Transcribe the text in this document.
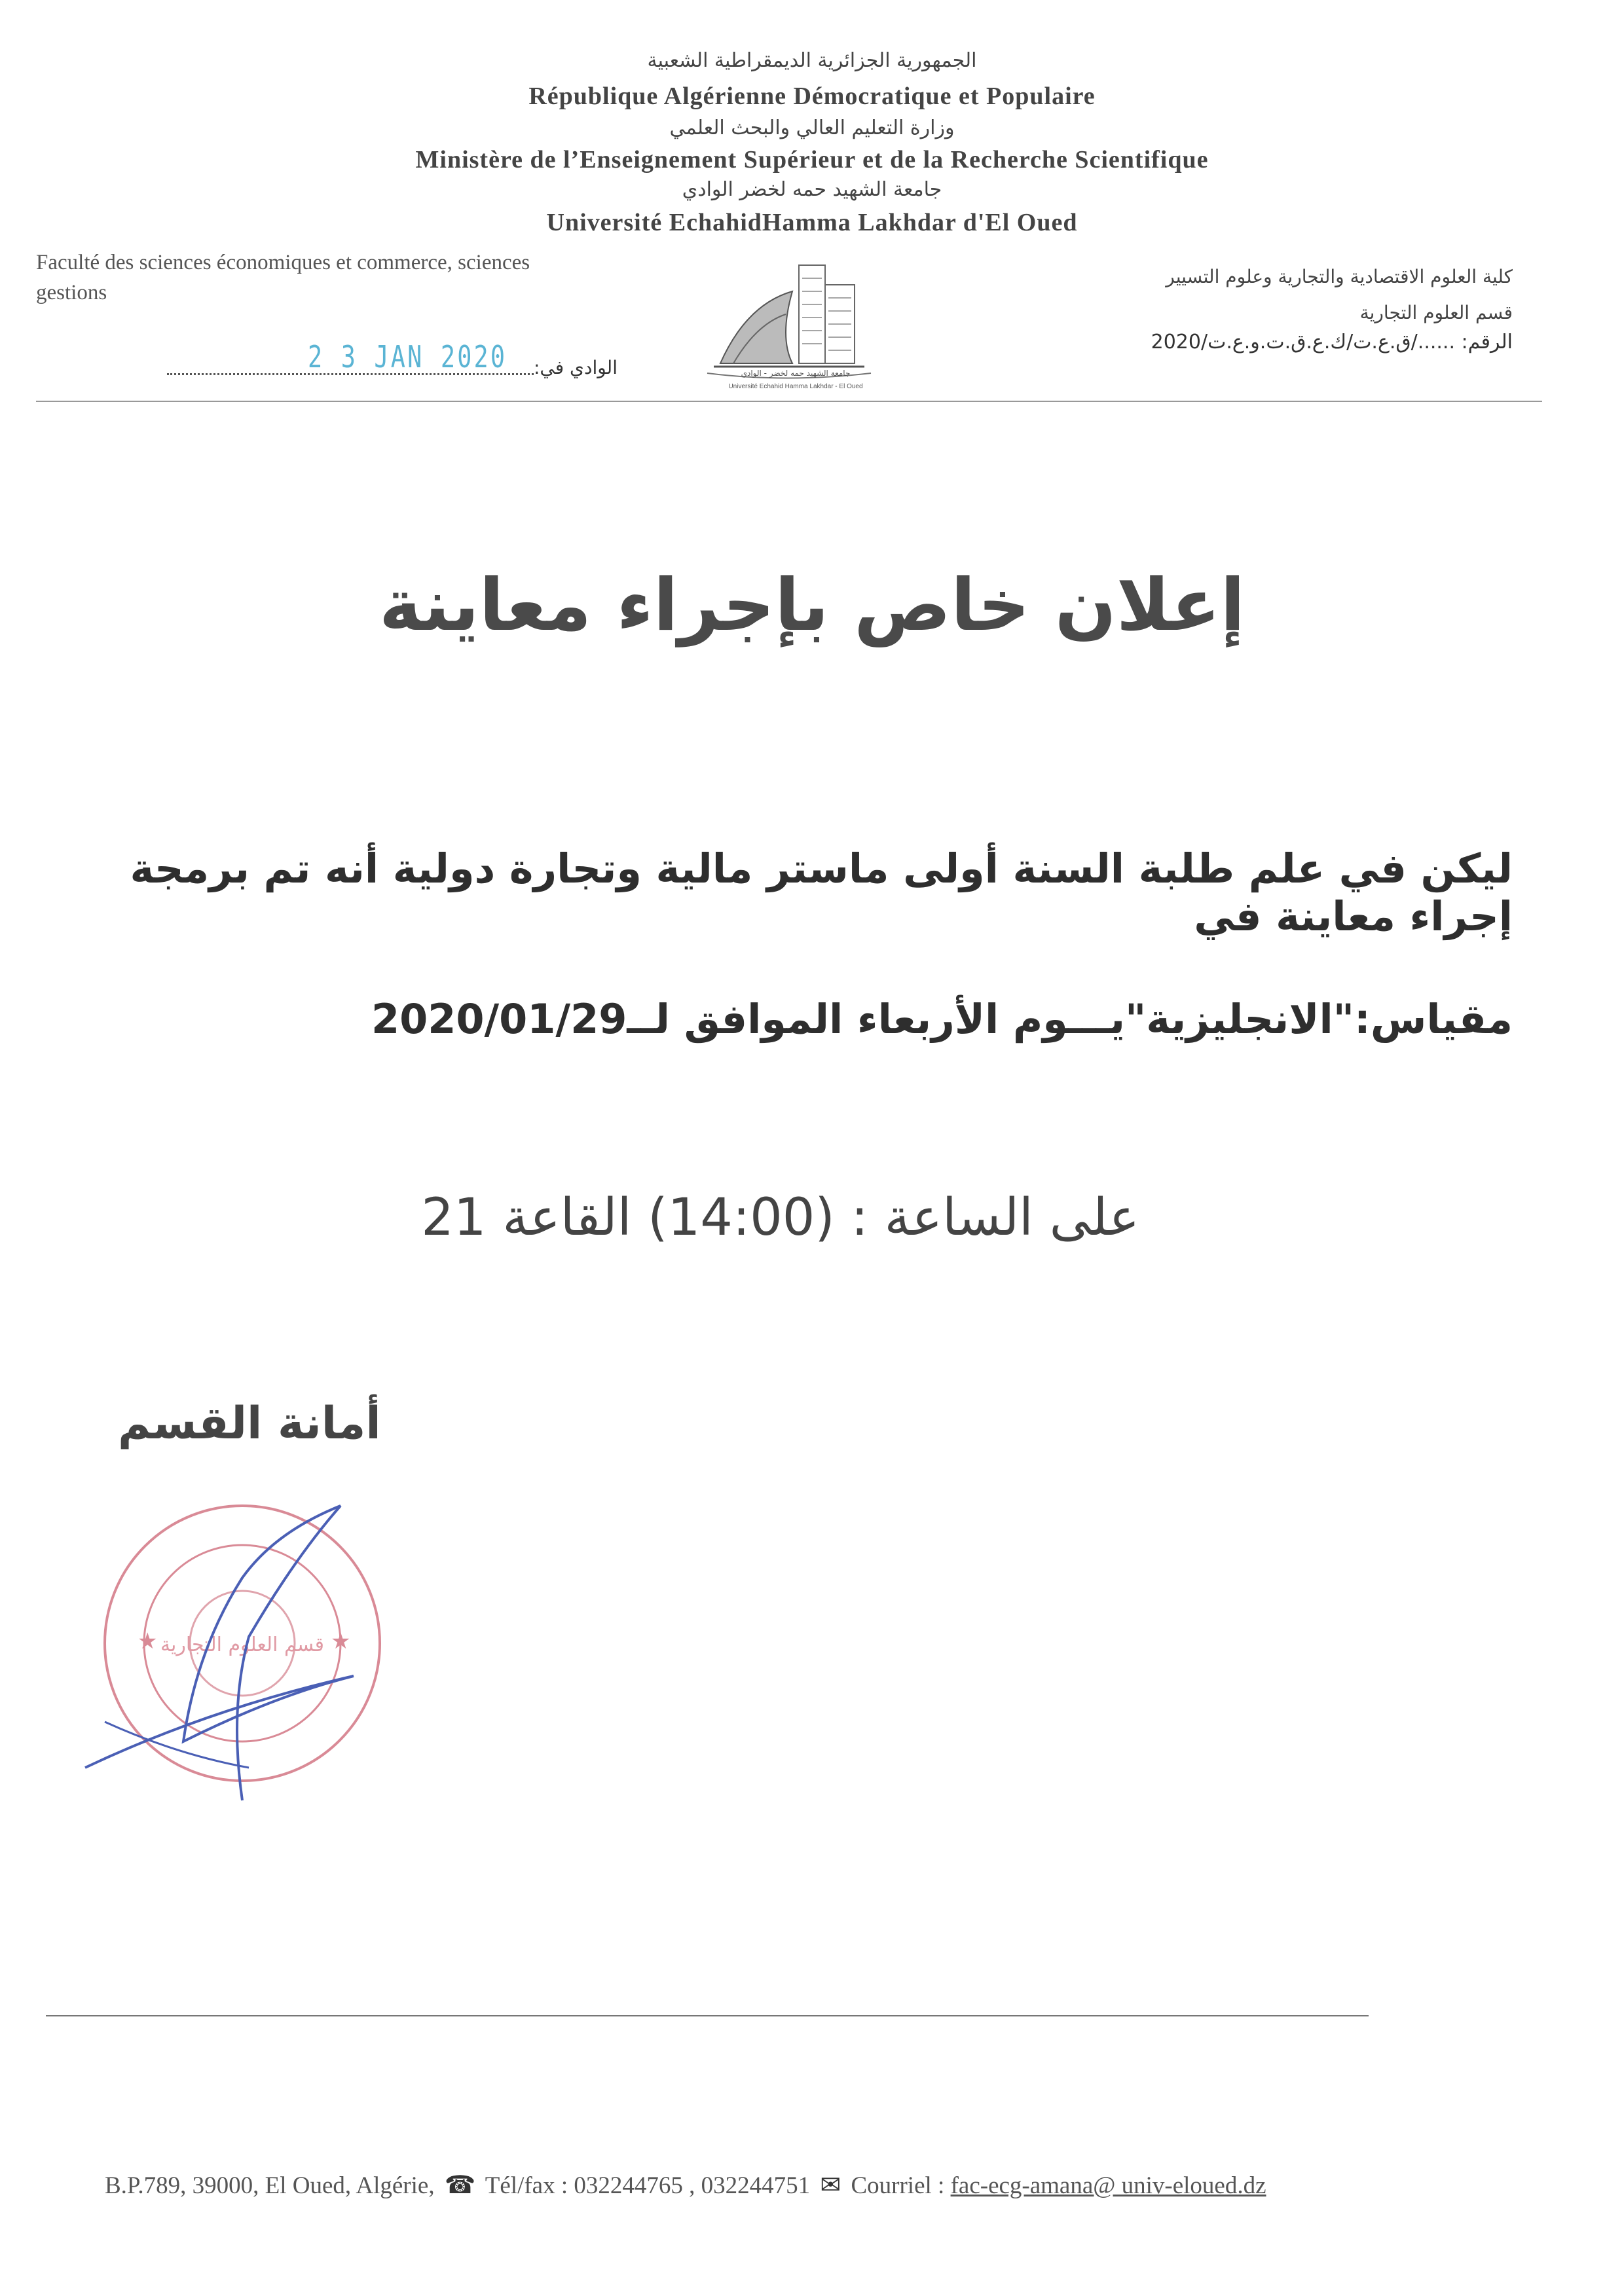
الجمهورية الجزائرية الديمقراطية الشعبية
République Algérienne Démocratique et Populaire
وزارة التعليم العالي والبحث العلمي
Ministère de l’Enseignement Supérieur et de la Recherche Scientifique
جامعة الشهيد حمه لخضر الوادي
Université EchahidHamma Lakhdar d'El Oued
Faculté des sciences économiques et commerce, sciences
gestions
كلية العلوم الاقتصادية والتجارية وعلوم التسيير
قسم العلوم التجارية
الرقم: ....../ق.ع.ت/ك.ع.ق.ت.و.ع.ت/2020
جامعة الشهيد حمه لخضر - الوادي
Université Echahid Hamma Lakhdar - El Oued
2 3 JAN 2020 الوادي في:
إعلان خاص بإجراء معاينة
ليكن في علم طلبة السنة أولى ماستر مالية وتجارة دولية أنه تم برمجة إجراء معاينة في
مقياس:"الانجليزية"يـــوم الأربعاء الموافق لــ2020/01/29
على الساعة : (14:00) القاعة 21
أمانة القسم
★	★
قسم العلوم التجارية
B.P.789, 39000, El Oued, Algérie, ☎ Tél/fax : 032244765 , 032244751 ✉ Courriel : fac-ecg-amana@ univ-eloued.dz
